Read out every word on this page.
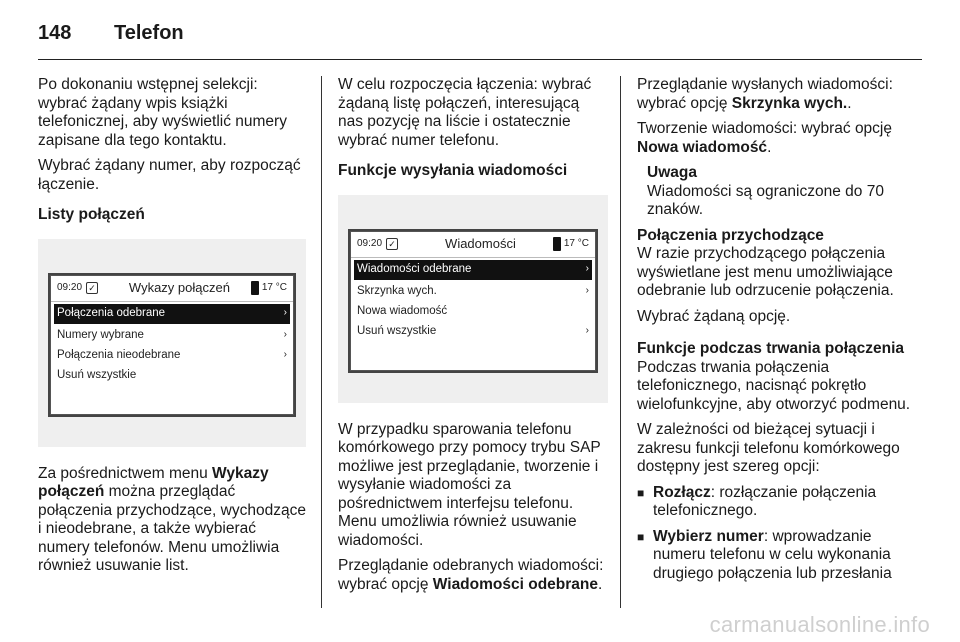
148	Telefon

Po dokonaniu wstępnej selekcji: wybrać żądany wpis książki telefonicznej, aby wyświetlić numery zapisane dla tego kontaktu.

Wybrać żądany numer, aby rozpocząć łączenie.

Listy połączeń
09:20 ✓	Wykazy połączeń	17 °C
Połączenia odebrane	›
Numery wybrane	›
Połączenia nieodebrane	›
Usuń wszystkie

Za pośrednictwem menu Wykazy połączeń można przeglądać połączenia przychodzące, wychodzące i nieodebrane, a także wybierać numery telefonów. Menu umożliwia również usuwanie list.

W celu rozpoczęcia łączenia: wybrać żądaną listę połączeń, interesującą nas pozycję na liście i ostatecznie wybrać numer telefonu.

Funkcje wysyłania wiadomości
09:20 ✓	Wiadomości	17 °C
Wiadomości odebrane	›
Skrzynka wych.	›
Nowa wiadomość
Usuń wszystkie	›

W przypadku sparowania telefonu komórkowego przy pomocy trybu SAP możliwe jest przeglądanie, tworzenie i wysyłanie wiadomości za pośrednictwem interfejsu telefonu. Menu umożliwia również usuwanie wiadomości.

Przeglądanie odebranych wiadomości: wybrać opcję Wiadomości odebrane.

Przeglądanie wysłanych wiadomości: wybrać opcję Skrzynka wych..

Tworzenie wiadomości: wybrać opcję Nowa wiadomość.

Uwaga
Wiadomości są ograniczone do 70 znaków.
Połączenia przychodzące

W razie przychodzącego połączenia wyświetlane jest menu umożliwiające odebranie lub odrzucenie połączenia.

Wybrać żądaną opcję.

Funkcje podczas trwania połączenia

Podczas trwania połączenia telefonicznego, nacisnąć pokrętło wielofunkcyjne, aby otworzyć podmenu.

W zależności od bieżącej sytuacji i zakresu funkcji telefonu komórkowego dostępny jest szereg opcji:

■ Rozłącz: rozłączanie połączenia telefonicznego.
■ Wybierz numer: wprowadzanie numeru telefonu w celu wykonania drugiego połączenia lub przesłania
carmanualsonline.info
